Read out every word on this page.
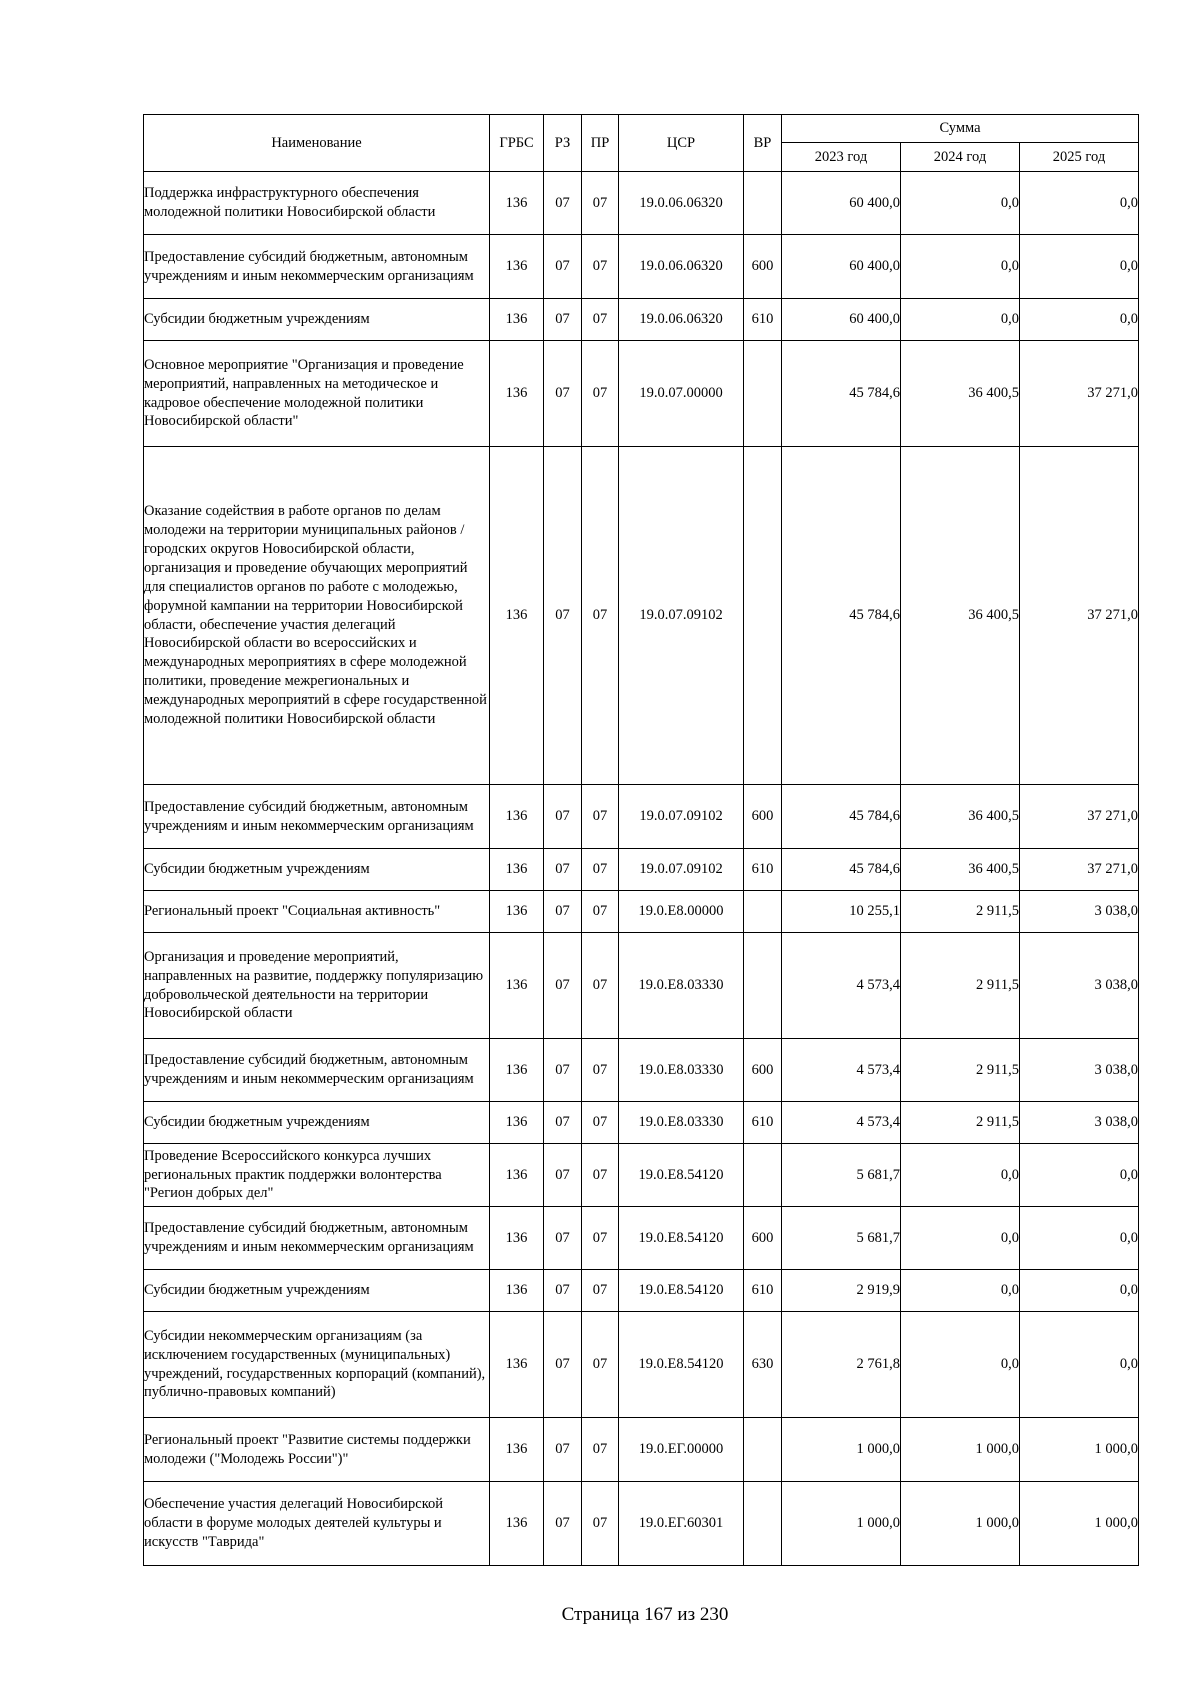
Наименование	ГРБС	РЗ	ПР	ЦСР	ВР	Сумма		
						2023 год	2024 год	2025 год
Поддержка инфраструктурного обеспечения молодежной политики Новосибирской области	136	07	07	19.0.06.06320		60 400,0	0,0	0,0
Предоставление субсидий бюджетным, автономным учреждениям и иным некоммерческим организациям	136	07	07	19.0.06.06320	600	60 400,0	0,0	0,0
Субсидии бюджетным учреждениям	136	07	07	19.0.06.06320	610	60 400,0	0,0	0,0
Основное мероприятие "Организация и проведение мероприятий, направленных на методическое и кадровое обеспечение молодежной политики Новосибирской области"	136	07	07	19.0.07.00000		45 784,6	36 400,5	37 271,0
Оказание содействия в работе органов по делам молодежи на территории муниципальных районов /городских округов Новосибирской области, организация и проведение обучающих мероприятий для специалистов органов по работе с молодежью, форумной кампании на территории Новосибирской области, обеспечение участия делегаций Новосибирской области во всероссийских и международных мероприятиях в сфере молодежной политики, проведение межрегиональных и международных мероприятий в сфере государственной молодежной политики Новосибирской области	136	07	07	19.0.07.09102		45 784,6	36 400,5	37 271,0
Предоставление субсидий бюджетным, автономным учреждениям и иным некоммерческим организациям	136	07	07	19.0.07.09102	600	45 784,6	36 400,5	37 271,0
Субсидии бюджетным учреждениям	136	07	07	19.0.07.09102	610	45 784,6	36 400,5	37 271,0
Региональный проект "Социальная активность"	136	07	07	19.0.E8.00000		10 255,1	2 911,5	3 038,0
Организация и проведение мероприятий, направленных на развитие, поддержку популяризацию добровольческой деятельности на территории Новосибирской области	136	07	07	19.0.E8.03330		4 573,4	2 911,5	3 038,0
Предоставление субсидий бюджетным, автономным учреждениям и иным некоммерческим организациям	136	07	07	19.0.E8.03330	600	4 573,4	2 911,5	3 038,0
Субсидии бюджетным учреждениям	136	07	07	19.0.E8.03330	610	4 573,4	2 911,5	3 038,0
Проведение Всероссийского конкурса лучших региональных практик поддержки волонтерства "Регион добрых дел"	136	07	07	19.0.E8.54120		5 681,7	0,0	0,0
Предоставление субсидий бюджетным, автономным учреждениям и иным некоммерческим организациям	136	07	07	19.0.E8.54120	600	5 681,7	0,0	0,0
Субсидии бюджетным учреждениям	136	07	07	19.0.E8.54120	610	2 919,9	0,0	0,0
Субсидии некоммерческим организациям (за исключением государственных (муниципальных) учреждений, государственных корпораций (компаний), публично-правовых компаний)	136	07	07	19.0.E8.54120	630	2 761,8	0,0	0,0
Региональный проект "Развитие системы поддержки молодежи ("Молодежь России")"	136	07	07	19.0.ЕГ.00000		1 000,0	1 000,0	1 000,0
Обеспечение участия делегаций Новосибирской области в форуме молодых деятелей культуры и искусств "Таврида"	136	07	07	19.0.ЕГ.60301		1 000,0	1 000,0	1 000,0
Страница 167 из 230
